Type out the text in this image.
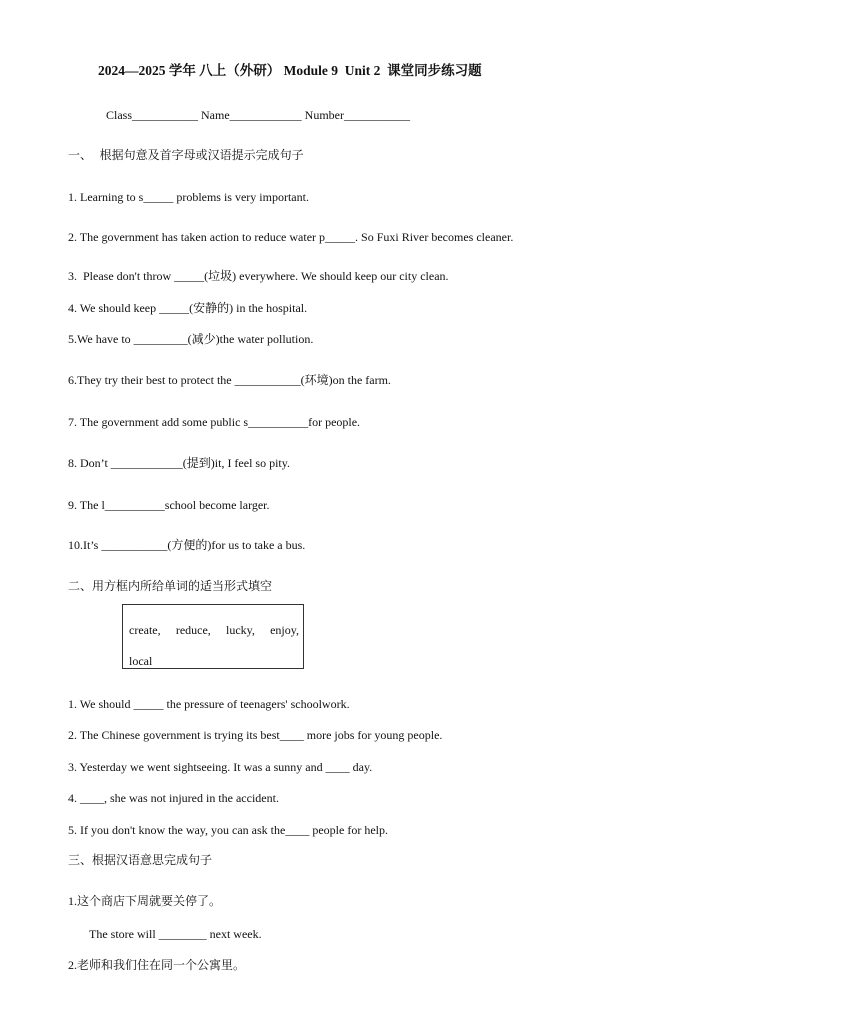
2024—2025 学年 八上（外研） Module 9  Unit 2  课堂同步练习题
Class___________ Name____________ Number___________
一、  根据句意及首字母或汉语提示完成句子
1. Learning to s_____ problems is very important.
2. The government has taken action to reduce water p_____. So Fuxi River becomes cleaner.
3.  Please don't throw _____(垃圾) everywhere. We should keep our city clean.
4. We should keep _____(安静的) in the hospital.
5.We have to _________(减少)the water pollution.
6.They try their best to protect the ___________(环境)on the farm.
7. The government add some public s__________for people.
8. Don’t ____________(提到)it, I feel so pity.
9. The l__________school become larger.
10.It’s ___________(方便的)for us to take a bus.
二、用方框内所给单词的适当形式填空
create, reduce, lucky, enjoy,
local
1. We should _____ the pressure of teenagers' schoolwork.
2. The Chinese government is trying its best____ more jobs for young people.
3. Yesterday we went sightseeing. It was a sunny and ____ day.
4. ____, she was not injured in the accident.
5. If you don't know the way, you can ask the____ people for help.
三、根据汉语意思完成句子
1.这个商店下周就要关停了。
The store will ________ next week.
2.老师和我们住在同一个公寓里。
